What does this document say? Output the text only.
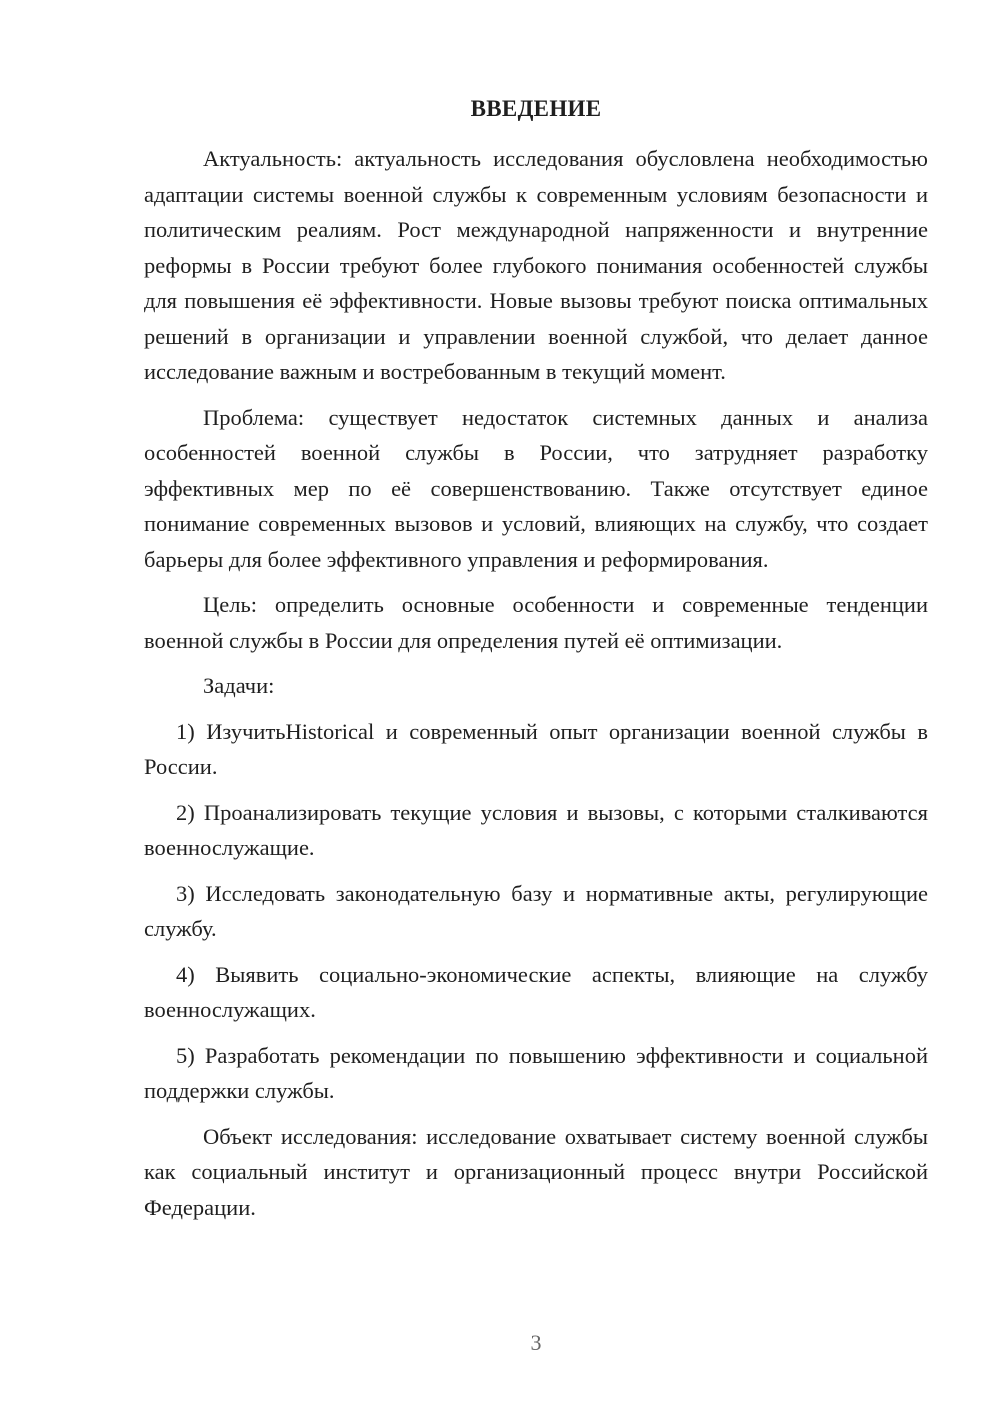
ВВЕДЕНИЕ

Актуальность: актуальность исследования обусловлена необходимостью адаптации системы военной службы к современным условиям безопасности и политическим реалиям. Рост международной напряженности и внутренние реформы в России требуют более глубокого понимания особенностей службы для повышения её эффективности. Новые вызовы требуют поиска оптимальных решений в организации и управлении военной службой, что делает данное исследование важным и востребованным в текущий момент.

Проблема: существует недостаток системных данных и анализа особенностей военной службы в России, что затрудняет разработку эффективных мер по её совершенствованию. Также отсутствует единое понимание современных вызовов и условий, влияющих на службу, что создает барьеры для более эффективного управления и реформирования.

Цель: определить основные особенности и современные тенденции военной службы в России для определения путей её оптимизации.

Задачи:

1) ИзучитьHistorical и современный опыт организации военной службы в России.

2) Проанализировать текущие условия и вызовы, с которыми сталкиваются военнослужащие.

3) Исследовать законодательную базу и нормативные акты, регулирующие службу.

4) Выявить социально-экономические аспекты, влияющие на службу военнослужащих.

5) Разработать рекомендации по повышению эффективности и социальной поддержки службы.

Объект исследования: исследование охватывает систему военной службы как социальный институт и организационный процесс внутри Российской Федерации.

3
